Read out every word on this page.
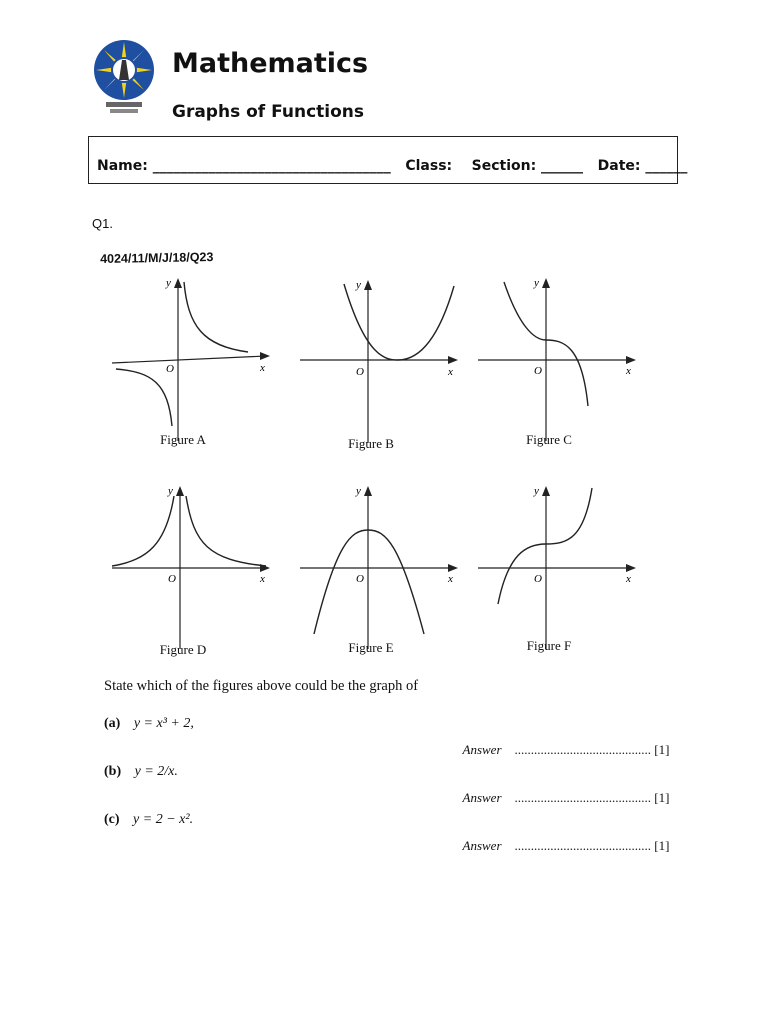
Mathematics
Graphs of Functions
Name: __________________________________   Class:    Section: ______   Date: ______
Q1.
4024/11/M/J/18/Q23
y
x
O
Figure A
y
x
O
Figure B
y
x
O
Figure C
y
x
O
Figure D
y
x
O
Figure E
y
x
O
Figure F
State which of the figures above could be the graph of
(a) y = x³ + 2,

Answer .......................................... [1]

(b) y = 2/x.

Answer .......................................... [1]

(c) y = 2 − x².

Answer .......................................... [1]
